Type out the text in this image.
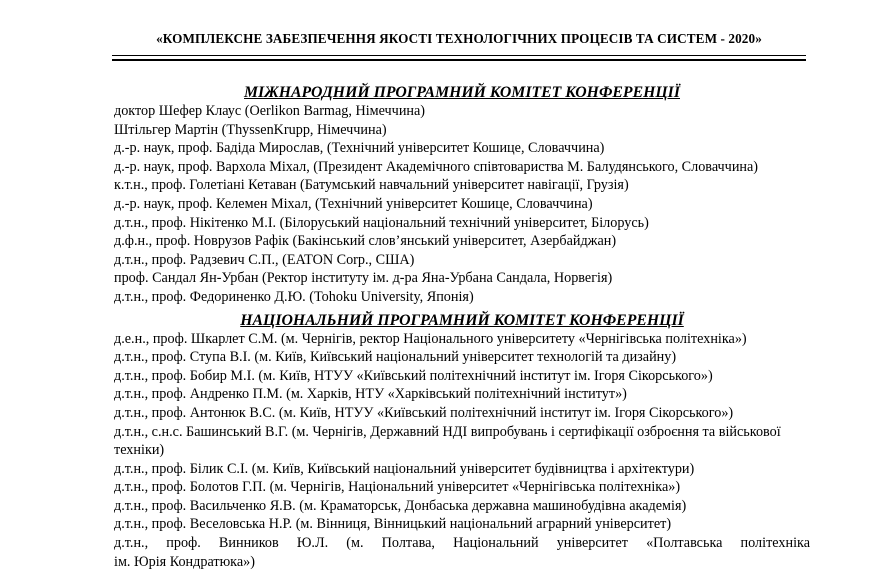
«КОМПЛЕКСНЕ ЗАБЕЗПЕЧЕННЯ ЯКОСТІ ТЕХНОЛОГІЧНИХ ПРОЦЕСІВ ТА СИСТЕМ - 2020»
МІЖНАРОДНИЙ ПРОГРАМНИЙ КОМІТЕТ КОНФЕРЕНЦІЇ
доктор Шефер Клаус (Oerlikon Barmag, Німеччина)
Штільгер Мартін (ThyssenKrupp, Німеччина)
д.-р. наук, проф. Бадіда Мирослав, (Технічний університет Кошице, Словаччина)
д.-р. наук, проф. Вархола Міхал, (Президент Академічного співтовариства М. Балудянського, Словаччина)
к.т.н., проф. Голетіані Кетаван (Батумський навчальний університет навігації, Грузія)
д.-р. наук, проф. Келемен Міхал, (Технічний університет Кошице, Словаччина)
д.т.н., проф. Нікітенко М.І. (Білоруський національний технічний університет, Білорусь)
д.ф.н., проф. Новрузов Рафік (Бакінський слов’янський університет, Азербайджан)
д.т.н., проф. Радзевич С.П., (EATON Corp., США)
проф. Сандал Ян-Урбан (Ректор інституту ім. д-ра Яна-Урбана Сандала, Норвегія)
д.т.н., проф. Федориненко Д.Ю. (Tohoku University, Японія)
НАЦІОНАЛЬНИЙ ПРОГРАМНИЙ КОМІТЕТ КОНФЕРЕНЦІЇ
д.е.н., проф. Шкарлет С.М. (м. Чернігів, ректор Національного університету «Чернігівська політехніка»)
д.т.н., проф. Ступа В.І. (м. Київ, Київський національний університет технологій та дизайну)
д.т.н., проф. Бобир М.І. (м. Київ, НТУУ «Київський політехнічний інститут ім. Ігоря Сікорського»)
д.т.н., проф. Андренко П.М. (м. Харків, НТУ «Харківський політехнічний інститут»)
д.т.н., проф. Антонюк В.С. (м. Київ, НТУУ «Київський політехнічний інститут ім. Ігоря Сікорського»)
д.т.н., с.н.с. Башинський В.Г. (м. Чернігів, Державний НДІ випробувань і сертифікації озброєння та військової техніки)
д.т.н., проф. Білик С.І. (м. Київ, Київський національний університет будівництва і архітектури)
д.т.н., проф. Болотов Г.П. (м. Чернігів, Національний університет «Чернігівська політехніка»)
д.т.н., проф. Васильченко Я.В. (м. Краматорськ, Донбаська державна машинобудівна академія)
д.т.н., проф. Веселовська Н.Р. (м. Вінниця, Вінницький національний аграрний університет)
д.т.н., проф. Винников Ю.Л. (м. Полтава, Національний університет «Полтавська політехніка
ім. Юрія Кондратюка»)
